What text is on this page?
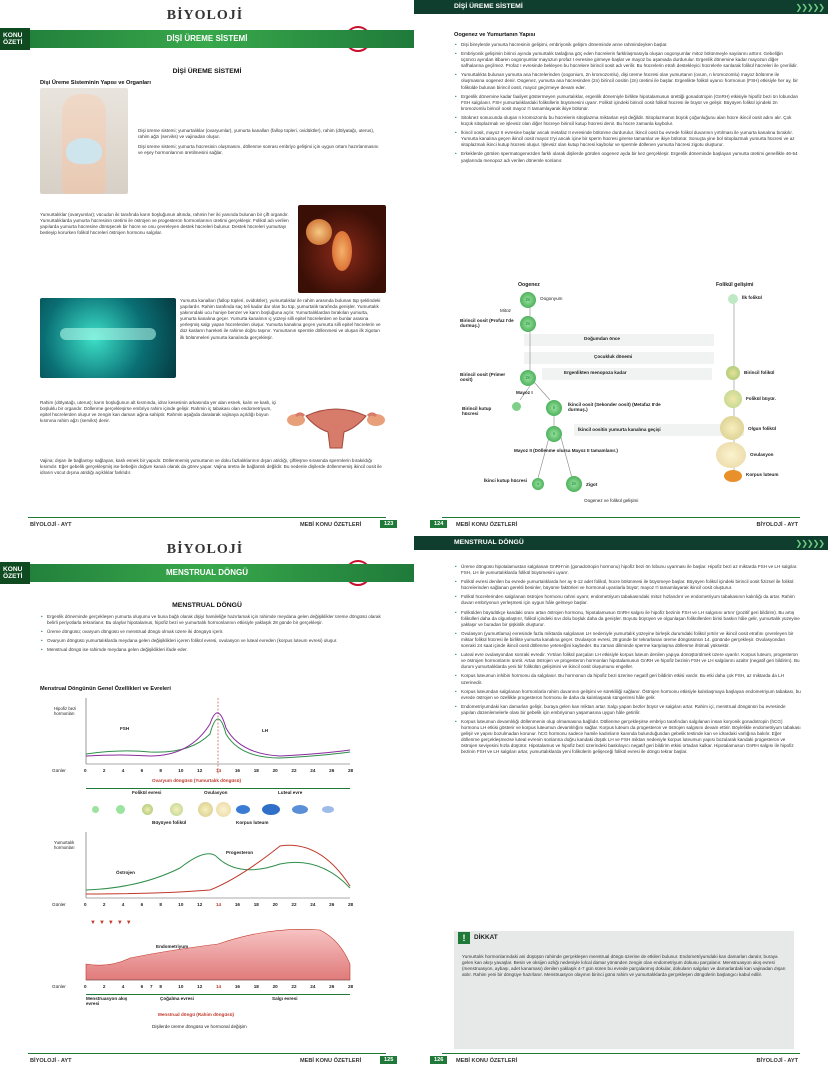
BİYOLOJİ
DİŞİ ÜREME SİSTEMİ
KONU
ÖZETİ
DİŞİ ÜREME SİSTEMİ
Dişi Üreme Sisteminin Yapısı ve Organları
Dişi üreme sistemi; yumurtalıklar (ovaryumlar), yumurta kanalları (fallop tüpleri, ovidüktler), rahim (dölyatağı, uterus), rahim ağzı (serviks) ve vajinadan oluşur.
Dişi üreme sistemi; yumurta hücresinin oluşmasını, döllenme sonrası embriyo gelişimi için uygun ortam hazırlanmasını ve eşey hormonlarının üretilmesini sağlar.
Yumurtalıklar (ovaryumlar); vücudun iki tarafında karın boşluğunun altında, rahmin her iki yanında bulunan bir çift organdır. Yumurtalıklarda yumurta hücresinin üretimi ile östrojen ve progesteron hormonlarının üretimi gerçekleşir. Folikül adı verilen yapılarda yumurta hücresine dönüşecek bir hücre ve onu çevreleyen destek hücreleri bulunur. Destek hücreleri yumurtayı besleyip korurken folikül hücreleri östrojen hormonu salgılar.
Yumurta kanalları (fallop tüpleri, ovidüktler), yumurtalıklar ile rahim arasında bulunan tüp şeklindeki yapılardır. Rahim tarafında saç teli kadar dar olan bu tüp, yumurtalık tarafında genişler. Yumurtalık yakınındaki ucu huniye benzer ve karın boşluğuna açılır. Yumurtalıklardan bırakılan yumurta, yumurta kanalına geçer. Yumurta kanalının iç yüzeyi silli epitel hücrelerden ve bunlar arasına yerleşmiş salgı yapan hücrelerden oluşur. Yumurta kanalına geçen yumurta silli epitel hücrelerin ve düz kasların hareketi ile rahime doğru taşınır. Yumurtanın spermle döllenmesi ve oluşan ilk zigotun ilk bölünmeleri yumurta kanalında gerçekleşir.
Rahim (dölyatağı, uterus); karın boşluğunun alt kısmında, idrar kesesinin arkasında yer alan esnek, kalın ve kaslı, içi boşluklu bir organdır. Döllenme gerçekleşirse embriyo rahim içinde gelişir. Rahmin iç tabakası olan endometriyum, epitel hücrelerden oluşur ve zengin kan damarı ağına sahiptir. Rahmin aşağıda daralarak vajinaya açıldığı boyun kısmına rahim ağzı (serviks) denir.
Vajina; dışarı ile bağlantıyı sağlayan, kaslı esnek bir yapıdır. Döllenmemiş yumurtanın ve doku fazlalıklarının dışarı atıldığı, çiftleşme sırasında spermlerin bırakıldığı kısımdır. Eğer gebelik gerçekleşmiş ise bebeğin doğum kanalı olarak da görev yapar. Vajina üretra ile bağlantılı değildir. Bu nedenle dişilerde döllenmemiş ikincil oosit ile idrarın vücut dışına atıldığı açıklıklar farklıdır.
BİYOLOJİ - AYT	MEBİ KONU ÖZETLERİ	123
DİŞİ ÜREME SİSTEMİ	❯❯❯❯❯
Oogenez ve Yumurtanın Yapısı
• Dişi bireylerde yumurta hücresinin gelişimi, embriyonik gelişim döneminde anne rahmindeyken başlar.
• Embriyonik gelişimin birinci ayında yumurtalık taslağına göç eden hücrelerin farklılaşmasıyla oluşan oogonyumlar mitoz bölünmeyle sayılarını arttırır. Gebeliğin üçüncü ayından itibaren oogonyumlar mayozun profaz I evresine girmeye başlar ve mayoz bu aşamada durdurulur. Ergenlik dönemine kadar mayozun diğer safhalarına geçilmez. Profaz I evresinde bekleyen bu hücrelere birincil oosit adı verilir. Bu hücrelerin etrafı destekleyici hücrelerle sarılarak folikül hücreleri ile çevrilidir.
• Yumurtalıkta bulunan yumurta ana hücrelerinden (oogonium, 2n kromozomlu), dişi üreme hücresi olan yumurtanın (ovum, n kromozomlu) mayoz bölünme ile oluşmasına oogenez denir. Oogenez, yumurta ana hücresinden (2n) birincil oositin (2n) üretimi ile başlar. Ergenlikte folikül uyarıcı hormonun (FSH) etkisiyle her ay, bir folikülde bulunan birincil oosit, mayoz geçirmeye devam eder.
• Ergenlik dönemine kadar faaliyet göstermeyen yumurtalıklar, ergenlik dönemiyle birlikte hipotalamusun ürettiği gonadotropin (GnRH) etkisiyle hipofiz bezi ön lobundan FSH salgılanır. FSH yumurtalıklardaki foliküllerin büyümesini uyarır. Folikül içindeki birincil oosit folikül hücresi ile büyür ve gelişir. Büyüyen folikül içindeki 2n kromozomlu birincil oosit mayoz I'i tamamlayarak ikiye bölünür.
• Sitoknez sonucunda oluşan n kromozomlu bu hücrelerin sitoplazma miktarları eşit değildir. Sitoplazmanın büyük çoğunluğunu alan hücre ikincil oosit adını alır. Çok küçük sitoplazmalı ve işlevsiz olan diğer hücreye birincil kutup hücresi denir. Bu hücre zamanla kaybolur.
• İkincil oosit, mayoz II evresine başlar ancak metafaz II evresinde bölünme durdurulur. İkincil oosit bu evrede folikül duvarının yırtılması ile yumurta kanalına bırakılır. Yumurta kanalına geçen ikincil oosit mayoz II'yi ancak içine bir sperm hücresi girerse tamamlar ve ikiye bölünür. Sonuçta yine bol sitoplazmalı yumurta hücresi ve az sitoplazmalı ikinci kutup hücresi oluşur. İşlevsiz olan kutup hücresi kaybolur ve spermle döllenen yumurta hücresi zigotu oluşturur.
• Erkeklerde görülen spermatogenezden farklı olarak dişilerde görülen oogenez ayda bir kez gerçekleşir. Ergenlik döneminde başlayan yumurta üretimi genellikle 46-54 yaşlarında menopoz adı verilen dönemle sonlanır.
Oogenez	Folikül gelişimi
2n	Oogonyum
Mitoz
İlk folikül
2n
Birincil oosit (Profaz I'de durmuş.)
Doğumdan önce
Çocukluk dönemi
2n
Birincil oosit (Primer oosit)
Ergenlikten menopoza kadar	Birincil folikül
Mayoz I
n
İkincil oosit (Sekonder oosit) (Metafaz II'de durmuş.)
Birincil kutup hücresi
Folikül büyür.
Olgun folikül
n
İkincil oositin yumurta kanalına geçişi
Ovulasyon
Mayoz II (Döllenme olursa Mayoz II tamamlanır.)
Korpus luteum
n
İkinci kutup hücresi
2n	Zigot
Oogenez ve folikül gelişimi
124	MEBİ KONU ÖZETLERİ	BİYOLOJİ - AYT
BİYOLOJİ
MENSTRUAL DÖNGÜ
KONU
ÖZETİ
MENSTRUAL DÖNGÜ
• Ergenlik döneminde gerçekleşen yumurta oluşumu ve buna bağlı olarak dişiyi hamileliğe hazırlamak için rahimde meydana gelen değişiklikler üreme döngüsü olarak belirli periyotlarla tekrarlanır. Bu olaylar hipotalamus, hipofiz bezi ve yumurtalık hormonlarının etkisiyle yaklaşık 28 günde bir gerçekleşir.
• Üreme döngüsü; ovaryum döngüsü ve menstrual döngü olmak üzere iki döngüyü içerir.
• Ovaryum döngüsü yumurtalıklarda meydana gelen değişiklikleri içeren folikül evresi, ovulasyon ve luteal evreden (korpus luteum evresi) oluşur.
• Menstrual döngü ise rahimde meydana gelen değişiklikleri ifade eder.
Menstrual Döngünün Genel Özellikleri ve Evreleri
Hipofiz bezi hormonları
FSH	LH
Günler	0	2	4	6	8	10	12	14	16	18	20	22	24	26	28
Ovaryum döngüsü (Yumurtalık döngüsü)
Folikül evresi	Ovulasyon	Luteal evre
Büyüyen folikül	Korpus luteum
Yumurtalık hormonları
Östrojen
Progesteron
Günler	0	2	4	6	8	10	12	14	16	18	20	22	24	26	28
▼▼▼▼▼
Endometriyum
Günler	0	2	4	6 7 8	10	12	14	16	18	20	22	24	26	28
Menstruasyon akış evresi
Çoğalma evresi	Salgı evresi
Menstrual döngü (Rahim döngüsü)
Dişilerde üreme döngüsü ve hormonal değişim
BİYOLOJİ - AYT	MEBİ KONU ÖZETLERİ	125
MENSTRUAL DÖNGÜ	❯❯❯❯❯
• Üreme döngüsü hipotalamustan salgılanan GnRH'nin (gonadotropin hormonu) hipofiz bezi ön lobunu uyarması ile başlar. Hipofiz bezi az miktarda FSH ve LH salgılar. FSH, LH ile yumurtalıklarda folikül büyümesini uyarır.
• Folikül evresi denilen bu evrede yumurtalıklarda her ay 6-12 adet folikül, hücre bölünmesi ile büyümeye başlar. Büyüyen folikül içindeki birincil oosit fizizsel ile folikül hücrelerinden sağlanan gerekli besinler, büyüme faktörleri ve hormonal uyarılarla büyür; mayoz I'i tamamlayarak ikincil oosit oluşturur.
• Folikül hücrelerinden salgılanan östrojen hormonu rahmi uyarır, endometriyum tabakasındaki mitoz hızlandırır ve endometriyum tabakasının kalınlığı da artar. Rahim duvarı embriyonun yerleşmesi için uygun hâle gelmeye başlar.
• Folikülden büyüdükçe kandaki oranı artan östrojen hormonu, hipotalamusun GnRH salgısı ile hipofiz bezinin FSH ve LH salgısını artırır (pozitif geri bildirim). Bu artış folikülleri daha da olgunlaştırır, folikül içindeki sıvı dolu boşluk daha da genişler. Boyutu büyüyen ve olgunlaşan foliküllerden birisi baskın hâle gelir, yumurtalık yüzeyine yaklaşır ve buradan bir şişkinlik oluşturur.
• Ovulasyon (yumurtlama) evresinde fazla miktarda salgılanan LH nedeniyle yumurtalık yüzeyine birleşik durumdaki folikül yırtılır ve ikincil oosit etrafını çevreleyen bir miktar folikül hücresi ile birlikte yumurta kanalına geçer. Ovulasyon evresi, 28 günde bir tekrarlanan üreme döngüsünün 14. gününde gerçekleşir. Ovulasyondan sonraki 24 saat içinde ikincil oosit döllenme yeteneğini kaybeder. Bu zaman diliminde sperme karşılaşma döllenme ihtimali yüksektir.
• Luteal evre ovulasyondan sonraki evredir. Yırtılan folikül parçaları LH etkisiyle korpus luteum denilen yapıya dönüştürülmek üzere uyarılır. Korpus luteum, progesteron ve östrojen hormonlarını üretir. Artan östrojen ve progesteron hormonları hipotalamusun GnRH ve hipofiz bezinin FSH ve LH salgılarını azaltır (negatif geri bildirim). Bu durum yumurtalıklarda yeni bir folikülün gelişimini ve ikincil oosit oluşumunu engeller.
• Korpus luteumun inhibin hormonu da salgılanır. Bu hormonun da hipofiz bezi üzerine negatif geri bildirim etkisi vardır. Bu etki daha çok FSH, az miktarda da LH üzerinedir.
• Korpus luteumdan salgılanan hormonlarla rahim duvarının gelişimi ve sürekliliği sağlanır. Östrojen hormonu etkisiyle kalınlaşmaya başlayan endometriyum tabakası, bu evrede östrojen ve özellikle progesteron hormonu ile daha da kalınlaşarak süngerimsi hâle gelir.
• Endometriyumdaki kan damarları gelişir, buraya gelen kan miktarı artar. Salgı yapan bezler büyür ve salgıları artar. Rahim içi, menstrual döngünün bu evresinde yapılan düzenlemelerle olası bir gebelik için embriyonun yaşamasına uygun hâle getirilir.
• Korpus luteumun devamlılığı döllenmenin olup olmamasına bağlıdır. Döllenme gerçekleşirse embriyo tarafından salgılanan insan koryonik gonadotropin (hCG) hormonu LH etkisi gösterir ve korpus luteumun devamlılığını sağlar. Korpus luteum da progesteron ve östrojen salgısını devam ettirir. Böylelikle endometriyum tabakası gelişir ve yapısı bozulmadan korunur. hCG hormonu sadece hamile kadınların kanında bulunduğundan gebelik testinde kan ve idrardaki varlığına bakılır. Eğer döllenme gerçekleşmezse luteal evrenin sonlarına doğru kandaki düşük LH ve FSH miktarı nedeniyle korpus luteumun yapısı bozularak kandaki progesteron ve östrojen seviyesini hızla düşürür. Hipotalamus ve hipofiz bezi üzerindeki baskılayıcı negatif geri bildirim etkisi ortadan kalkar. Hipotalamusun GnRH salgısı ile hipofiz bezinin FSH ve LH salgıları artar, yumurtalıklarda yeni folikülerin gelişeceği folikül evresi ile döngü tekrar başlar.
!	DİKKAT
Yumurtalık hormonlarındaki ani düşüşün rahimde gerçekleşen menstrual döngü üzerine de etkileri bulunur. Endometriyumdaki kan damarları daralır, buraya gelen kan akışı yavaşlar. Besin ve oksijen azlığı nedeniyle kılcal damar yönünden zengin olan endometriyum dokusu parçalanır. Menstruasyon akış evresi (menstruasyon, aybaşı, adet kanaması) denilen yaklaşık 4-7 gün süren bu evrede parçalanmış dokular, dokuların salgıları ve damarlardaki kan vajinadan dışarı atılır. Rahim yeni bir döngüye hazırlanır. Menstruasyon olayının birinci günü rahim ve yumurtalıklarda gerçekleşen döngülerin başlangıcı kabul edilir.
126	MEBİ KONU ÖZETLERİ	BİYOLOJİ - AYT
